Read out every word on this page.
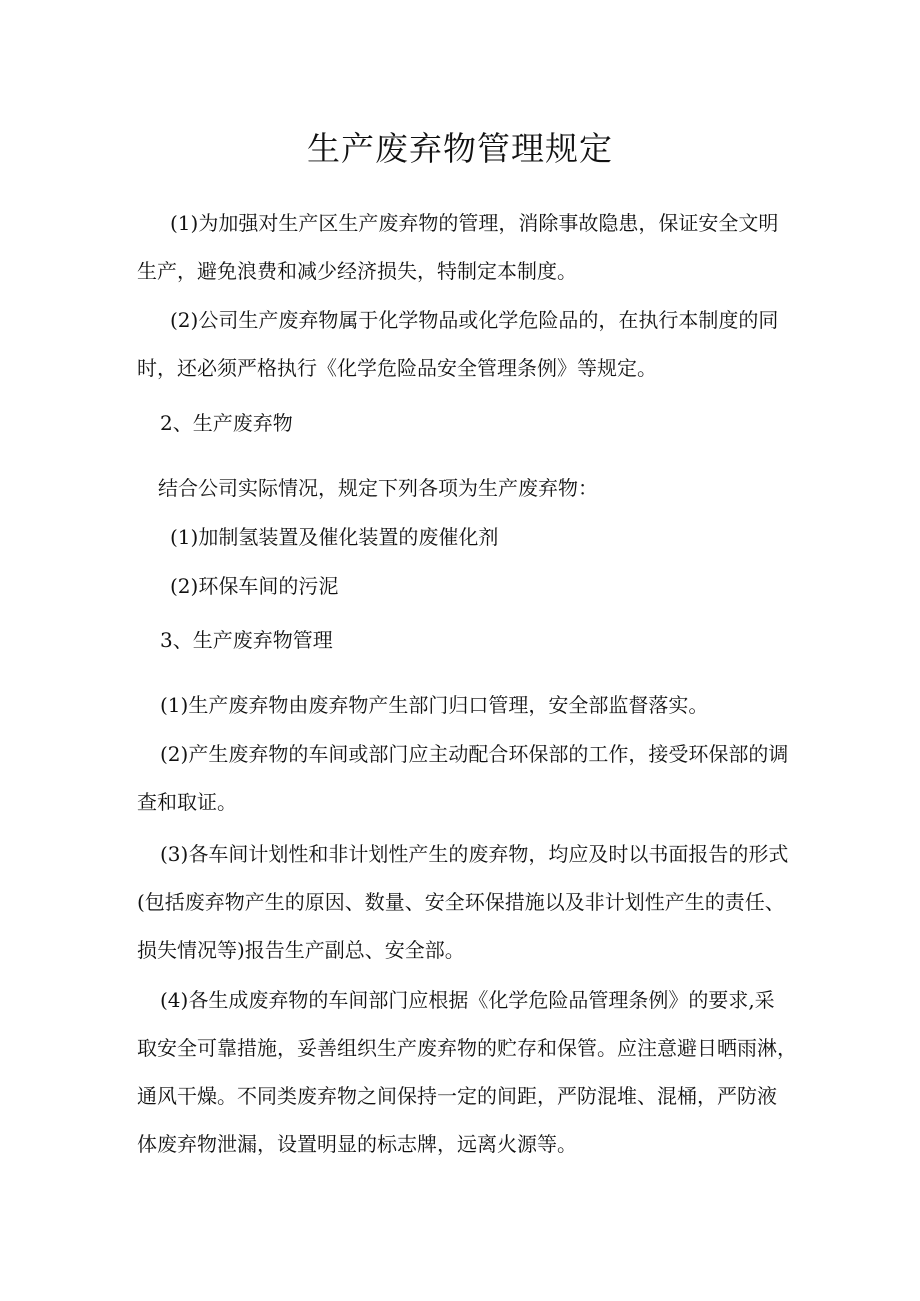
生产废弃物管理规定
(1)为加强对生产区生产废弃物的管理，消除事故隐患，保证安全文明
生产，避免浪费和减少经济损失，特制定本制度。
(2)公司生产废弃物属于化学物品或化学危险品的，在执行本制度的同
时，还必须严格执行《化学危险品安全管理条例》等规定。
2、生产废弃物
结合公司实际情况，规定下列各项为生产废弃物：
(1)加制氢装置及催化装置的废催化剂
(2)环保车间的污泥
3、生产废弃物管理
(1)生产废弃物由废弃物产生部门归口管理，安全部监督落实。
(2)产生废弃物的车间或部门应主动配合环保部的工作，接受环保部的调
查和取证。
(3)各车间计划性和非计划性产生的废弃物，均应及时以书面报告的形式
(包括废弃物产生的原因、数量、安全环保措施以及非计划性产生的责任、
损失情况等)报告生产副总、安全部。
(4)各生成废弃物的车间部门应根据《化学危险品管理条例》的要求,采
取安全可靠措施，妥善组织生产废弃物的贮存和保管。应注意避日晒雨淋，
通风干燥。不同类废弃物之间保持一定的间距，严防混堆、混桶，严防液
体废弃物泄漏，设置明显的标志牌，远离火源等。
